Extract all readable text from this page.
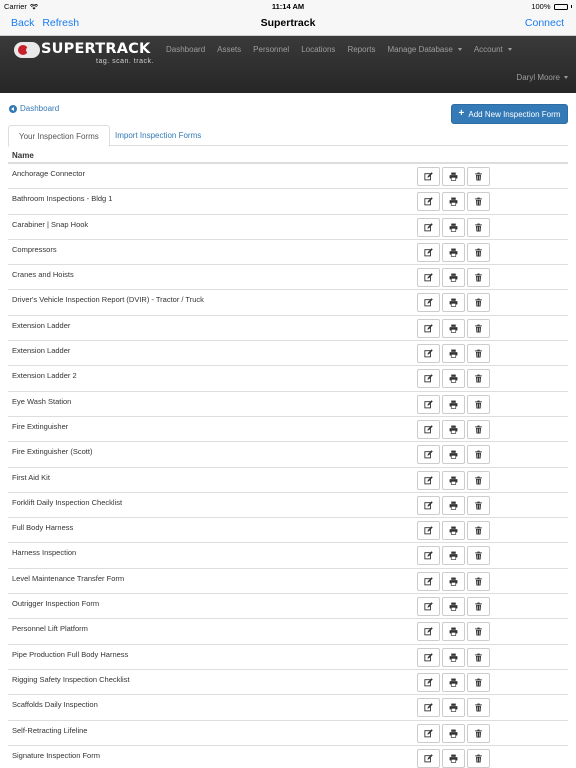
Carrier	11:14 AM	100%
Back Refresh	Supertrack	Connect
SUPERTRACK
tag. scan. track.
Dashboard Assets Personnel Locations Reports Manage Database	Account
Daryl Moore
Dashboard	+ Add New Inspection Form
Your Inspection Forms	Import Inspection Forms
Name
Anchorage Connector
Bathroom Inspections - Bldg 1
Carabiner | Snap Hook
Compressors
Cranes and Hoists
Driver's Vehicle Inspection Report (DVIR) - Tractor / Truck
Extension Ladder
Extension Ladder
Extension Ladder 2
Eye Wash Station
Fire Extinguisher
Fire Extinguisher (Scott)
First Aid Kit
Forklift Daily Inspection Checklist
Full Body Harness
Harness Inspection
Level Maintenance Transfer Form
Outrigger Inspection Form
Personnel Lift Platform
Pipe Production Full Body Harness
Rigging Safety Inspection Checklist
Scaffolds Daily Inspection
Self-Retracting Lifeline
Signature Inspection Form
